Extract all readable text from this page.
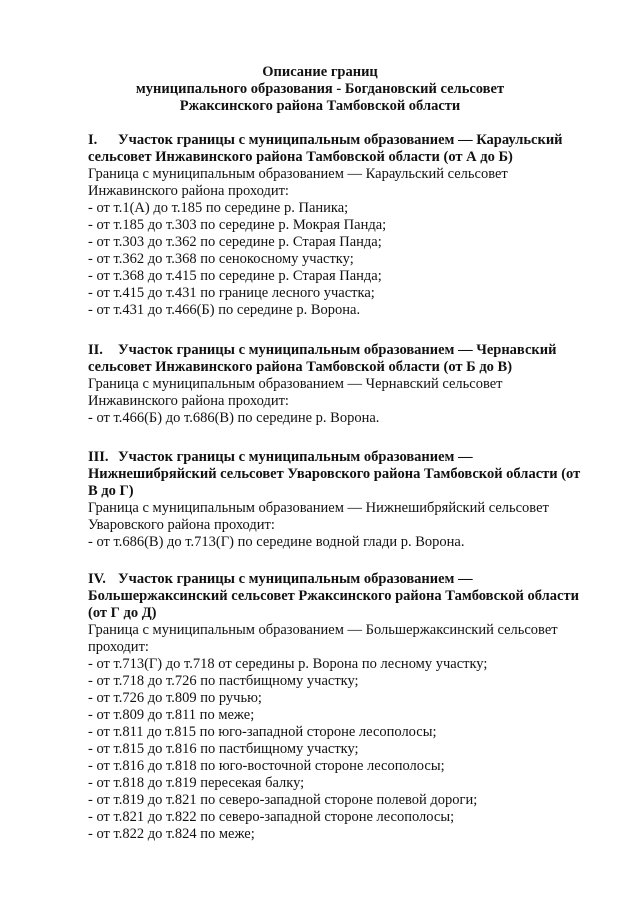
Описание границ
муниципального образования - Богдановский сельсовет
Ржаксинского района Тамбовской области
I. Участок границы с муниципальным образованием — Караульский
сельсовет Инжавинского района Тамбовской области (от А до Б)
Граница с муниципальным образованием — Караульский сельсовет
Инжавинского района проходит:
- от т.1(А) до т.185 по середине р. Паника;
- от т.185 до т.303 по середине р. Мокрая Панда;
- от т.303 до т.362 по середине р. Старая Панда;
- от т.362 до т.368 по сенокосному участку;
- от т.368 до т.415 по середине р. Старая Панда;
- от т.415 до т.431 по границе лесного участка;
- от т.431 до т.466(Б) по середине р. Ворона.
II. Участок границы с муниципальным образованием — Чернавский
сельсовет Инжавинского района Тамбовской области (от Б до В)
Граница с муниципальным образованием — Чернавский сельсовет
Инжавинского района проходит:
- от т.466(Б) до т.686(В) по середине р. Ворона.
III. Участок границы с муниципальным образованием —
Нижнешибряйский сельсовет Уваровского района Тамбовской области (от
В до Г)
Граница с муниципальным образованием — Нижнешибряйский сельсовет
Уваровского района проходит:
- от т.686(В) до т.713(Г) по середине водной глади р. Ворона.
IV. Участок границы с муниципальным образованием —
Большержаксинский сельсовет Ржаксинского района Тамбовской области
(от Г до Д)
Граница с муниципальным образованием — Большержаксинский сельсовет
проходит:
- от т.713(Г) до т.718 от середины р. Ворона по лесному участку;
- от т.718 до т.726 по пастбищному участку;
- от т.726 до т.809 по ручью;
- от т.809 до т.811 по меже;
- от т.811 до т.815 по юго-западной стороне лесополосы;
- от т.815 до т.816 по пастбищному участку;
- от т.816 до т.818 по юго-восточной стороне лесополосы;
- от т.818 до т.819 пересекая балку;
- от т.819 до т.821 по северо-западной стороне полевой дороги;
- от т.821 до т.822 по северо-западной стороне лесополосы;
- от т.822 до т.824 по меже;
